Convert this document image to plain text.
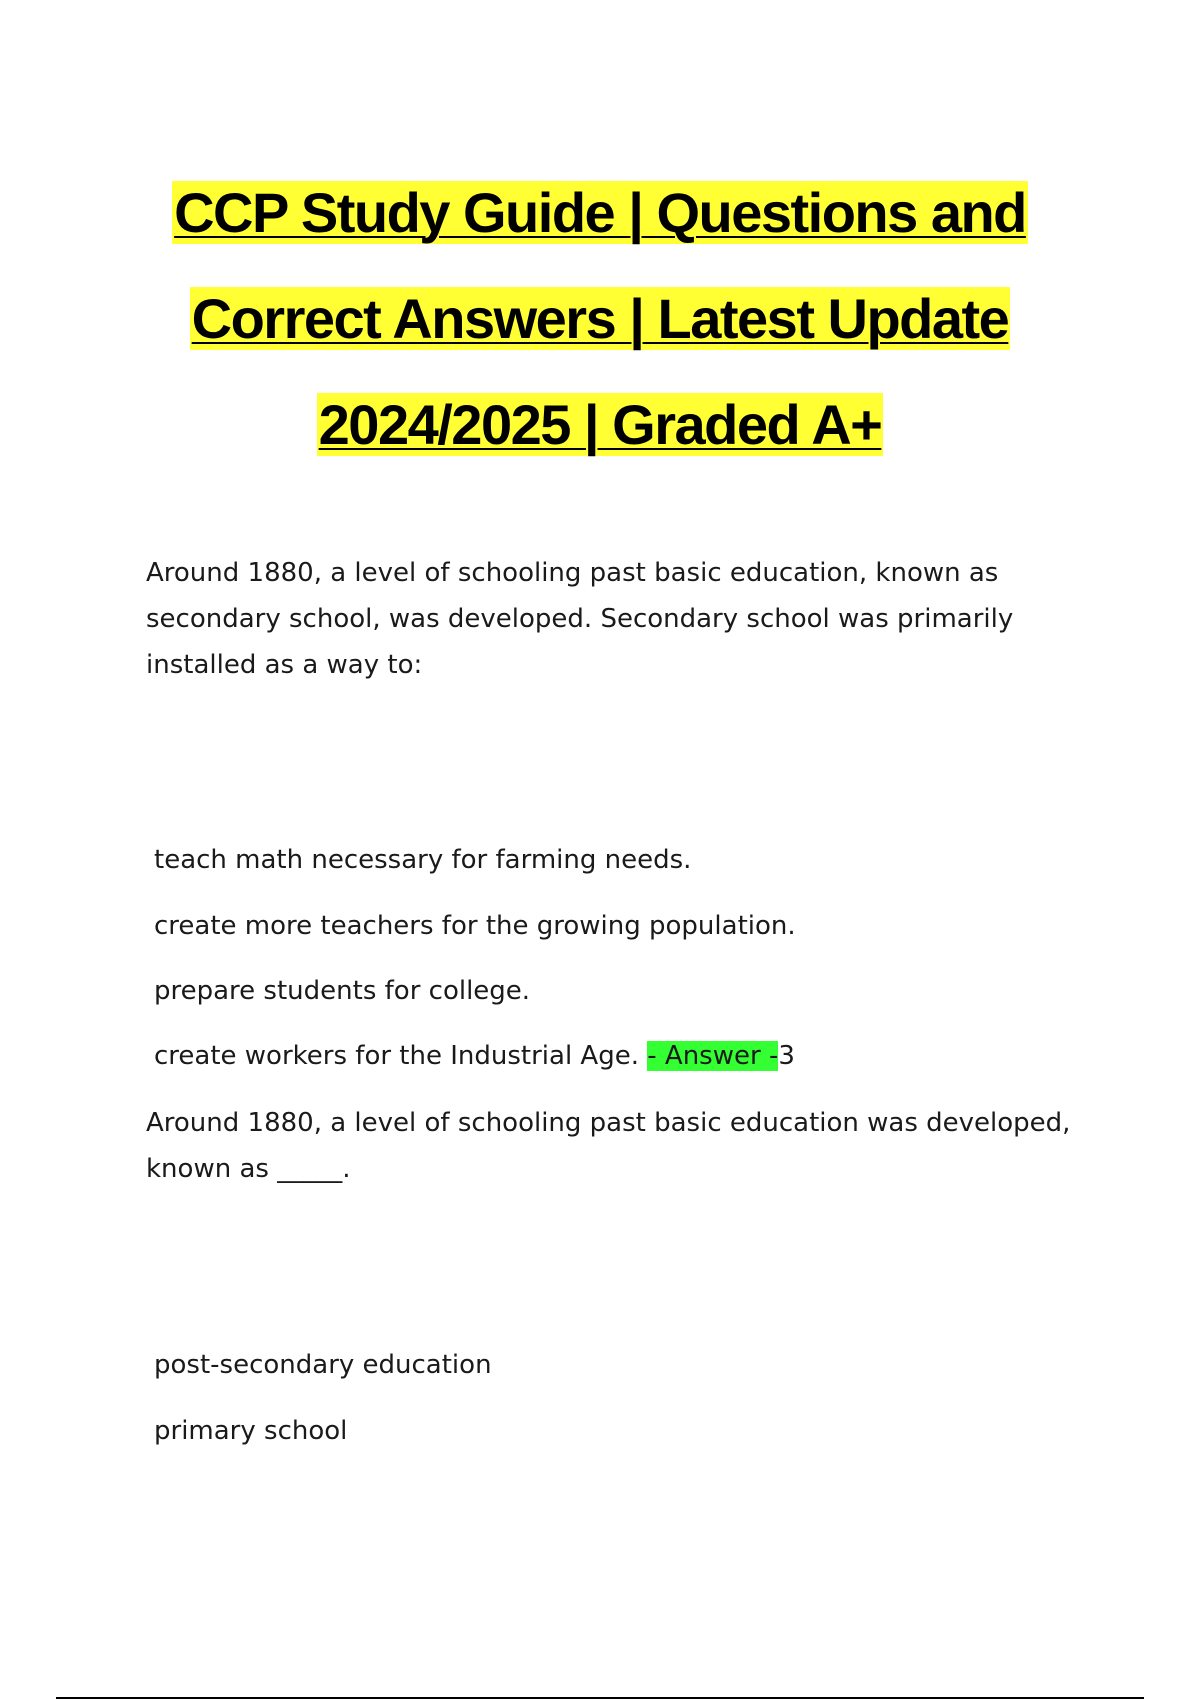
CCP Study Guide | Questions and

Correct Answers | Latest Update

2024/2025 | Graded A+

Around 1880, a level of schooling past basic education, known as secondary school, was developed. Secondary school was primarily installed as a way to:

teach math necessary for farming needs.

create more teachers for the growing population.

prepare students for college.

create workers for the Industrial Age. - Answer -3

Around 1880, a level of schooling past basic education was developed, known as _____.

post-secondary education

primary school
